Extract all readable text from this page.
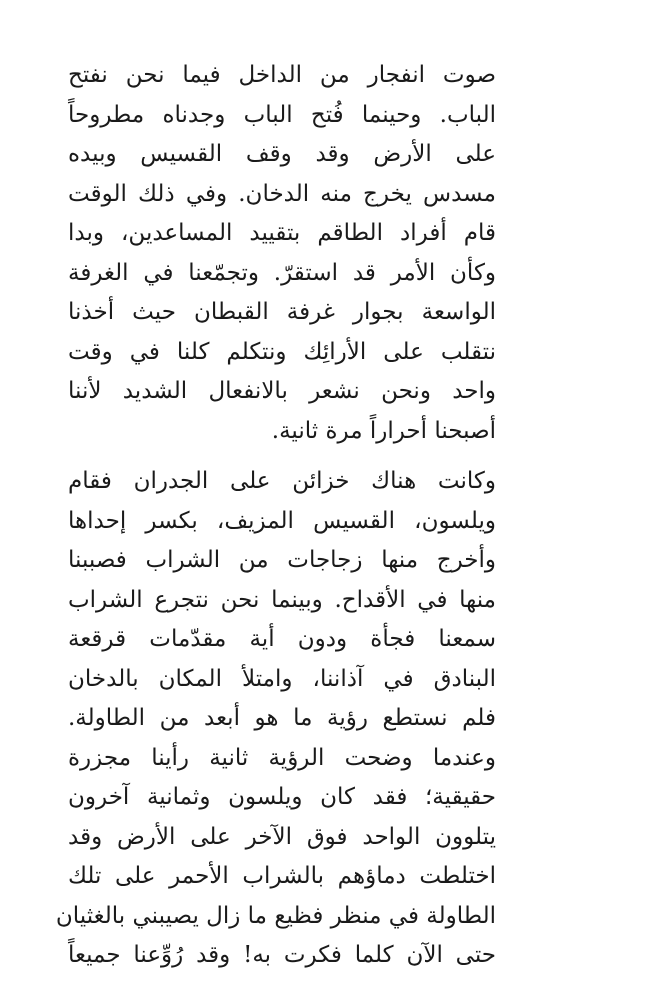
صوت انفجار من الداخل فيما نحن نفتح
الباب. وحينما فُتح الباب وجدناه مطروحاً
على الأرض وقد وقف القسيس وبيده
مسدس يخرج منه الدخان. وفي ذلك الوقت
قام أفراد الطاقم بتقييد المساعدين، وبدا
وكأن الأمر قد استقرّ. وتجمّعنا في الغرفة
الواسعة بجوار غرفة القبطان حيث أخذنا
نتقلب على الأرائِك ونتكلم كلنا في وقت
واحد ونحن نشعر بالانفعال الشديد لأننا
أصبحنا أحراراً مرة ثانية.
وكانت هناك خزائن على الجدران فقام
ويلسون، القسيس المزيف، بكسر إحداها
وأخرج منها زجاجات من الشراب فصببنا
منها في الأقداح. وبينما نحن نتجرع الشراب
سمعنا فجأة ودون أية مقدّمات قرقعة
البنادق في آذاننا، وامتلأ المكان بالدخان
فلم نستطع رؤية ما هو أبعد من الطاولة.
وعندما وضحت الرؤية ثانية رأينا مجزرة
حقيقية؛ فقد كان ويلسون وثمانية آخرون
يتلوون الواحد فوق الآخر على الأرض وقد
اختلطت دماؤهم بالشراب الأحمر على تلك
الطاولة في منظر فظيع ما زال يصيبني بالغثيان
حتى الآن كلما فكرت به! وقد رُوِّعنا جميعاً
